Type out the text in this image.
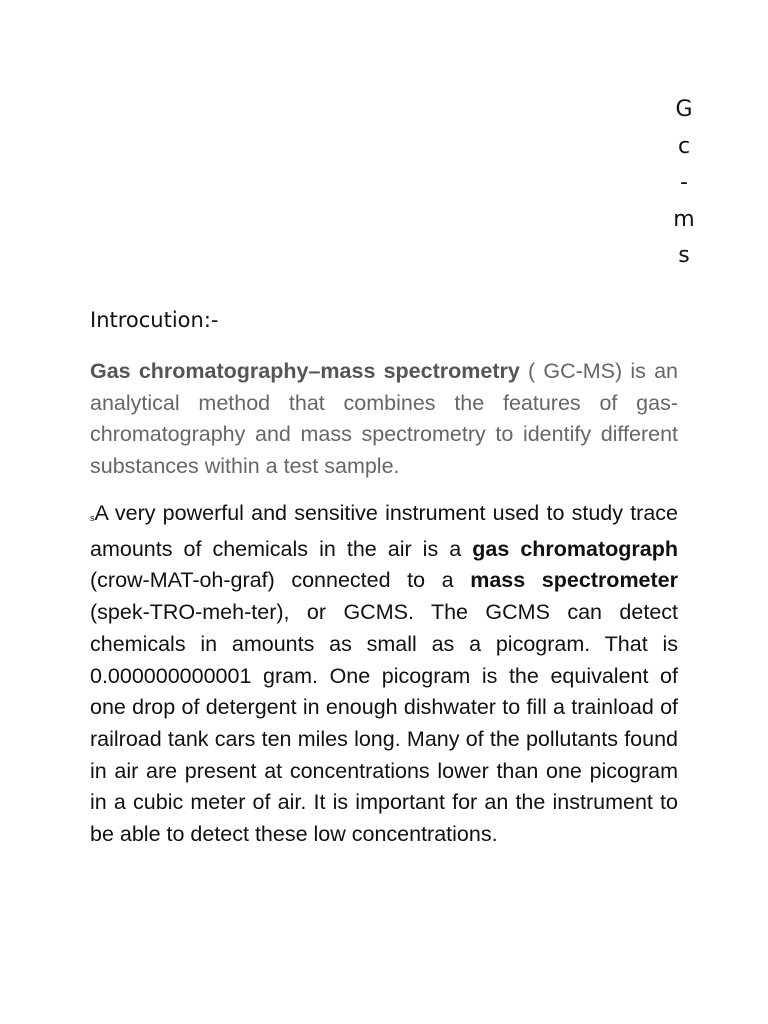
G
c
-
m
s
Introcution:-

Gas chromatography–mass spectrometry ( GC-MS) is an analytical method that combines the features of gas-chromatography and mass spectrometry to identify different substances within a test sample.

sA very powerful and sensitive instrument used to study trace amounts of chemicals in the air is a gas chromatograph (crow-MAT-oh-graf) connected to a mass spectrometer (spek-TRO-meh-ter), or GCMS. The GCMS can detect chemicals in amounts as small as a picogram. That is 0.000000000001 gram. One picogram is the equivalent of one drop of detergent in enough dishwater to fill a trainload of railroad tank cars ten miles long. Many of the pollutants found in air are present at concentrations lower than one picogram in a cubic meter of air. It is important for an the instrument to be able to detect these low concentrations.
